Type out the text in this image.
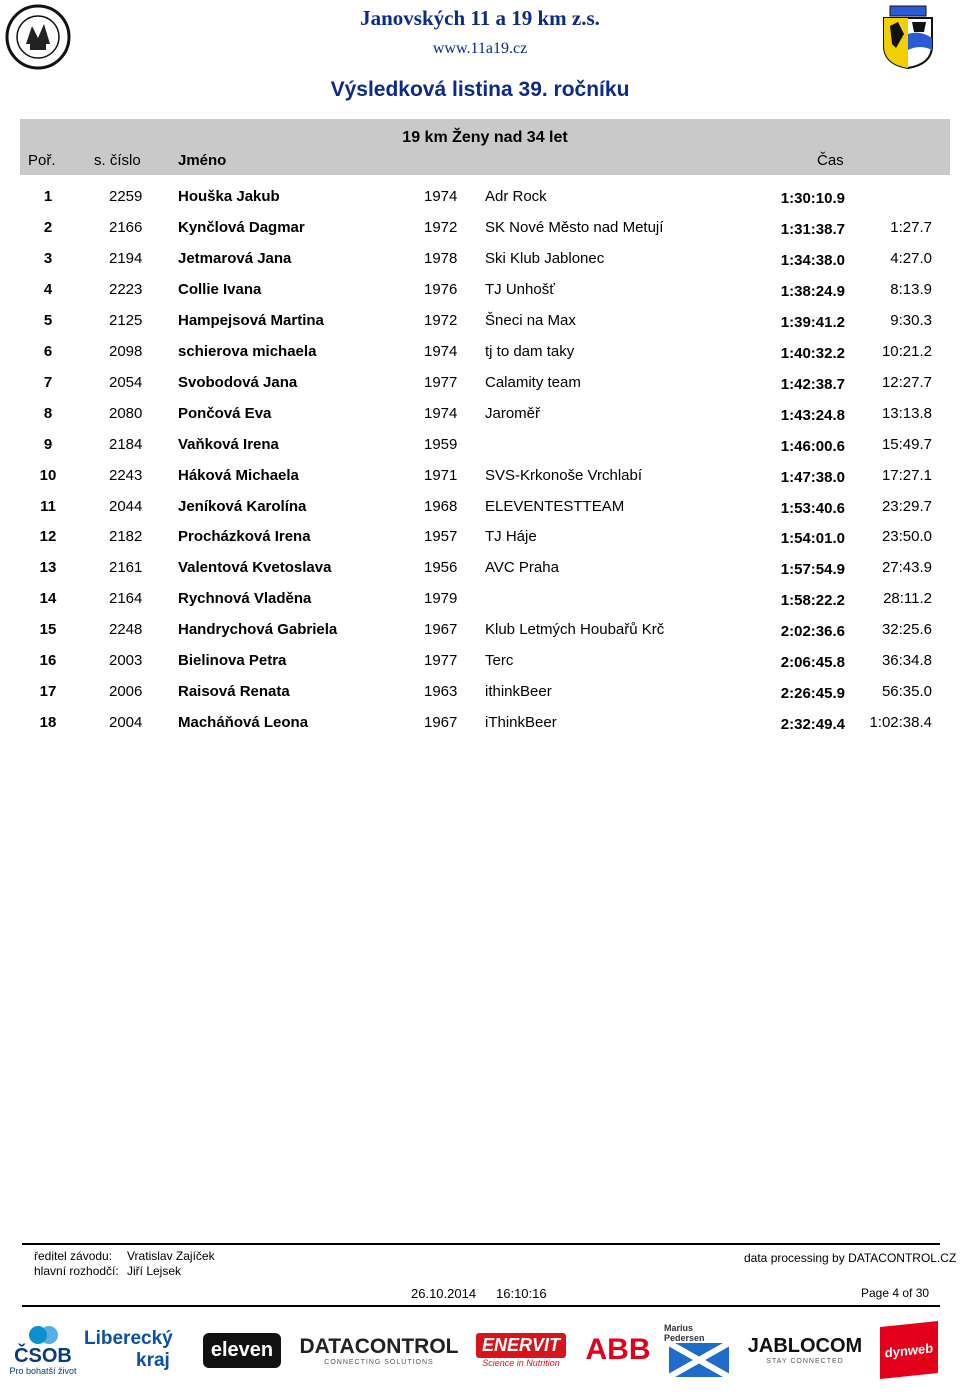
Janovských 11 a 19 km z.s.
www.11a19.cz
Výsledková listina 39. ročníku
19 km Ženy nad 34 let
Poř.	s. číslo Jméno	Čas
1	2259 Houška Jakub	1974 Adr Rock	1:30:10.9
2	2166 Kynčlová Dagmar	1972 SK Nové Město nad Metují	1:31:38.7	1:27.7
3	2194 Jetmarová Jana	1978 Ski Klub Jablonec	1:34:38.0	4:27.0
4	2223 Collie Ivana	1976 TJ Unhošť	1:38:24.9	8:13.9
5	2125 Hampejsová Martina	1972 Šneci na Max	1:39:41.2	9:30.3
6	2098 schierova michaela	1974 tj to dam taky	1:40:32.2	10:21.2
7	2054 Svobodová Jana	1977 Calamity team	1:42:38.7	12:27.7
8	2080 Pončová Eva	1974 Jaroměř	1:43:24.8	13:13.8
9	2184 Vaňková Irena	1959	1:46:00.6	15:49.7
10	2243 Háková Michaela	1971 SVS-Krkonoše Vrchlabí	1:47:38.0	17:27.1
11	2044 Jeníková Karolína	1968 ELEVENTESTTEAM	1:53:40.6	23:29.7
12	2182 Procházková Irena	1957 TJ Háje	1:54:01.0	23:50.0
13	2161 Valentová Kvetoslava	1956 AVC Praha	1:57:54.9	27:43.9
14	2164 Rychnová Vladěna	1979	1:58:22.2	28:11.2
15	2248 Handrychová Gabriela	1967 Klub Letmých Houbařů Krč	2:02:36.6	32:25.6
16	2003 Bielinova Petra	1977 Terc	2:06:45.8	36:34.8
17	2006 Raisová Renata	1963 ithinkBeer	2:26:45.9	56:35.0
18	2004 Macháňová Leona	1967 iThinkBeer	2:32:49.4	1:02:38.4
ředitel závodu: Vratislav Zajíček
hlavní rozhodčí: Jiří Lejsek
data processing by DATACONTROL.CZ
26.10.2014 16:10:16	Page 4 of 30
ČSOB
Pro bohatší život
Liberecký
kraj	eleven	DATACONTROL
CONNECTING SOLUTIONS
ENERVIT
Science in Nutrition ABB
Marius Pedersen	JABLOCOM
STAY CONNECTED
dynweb
